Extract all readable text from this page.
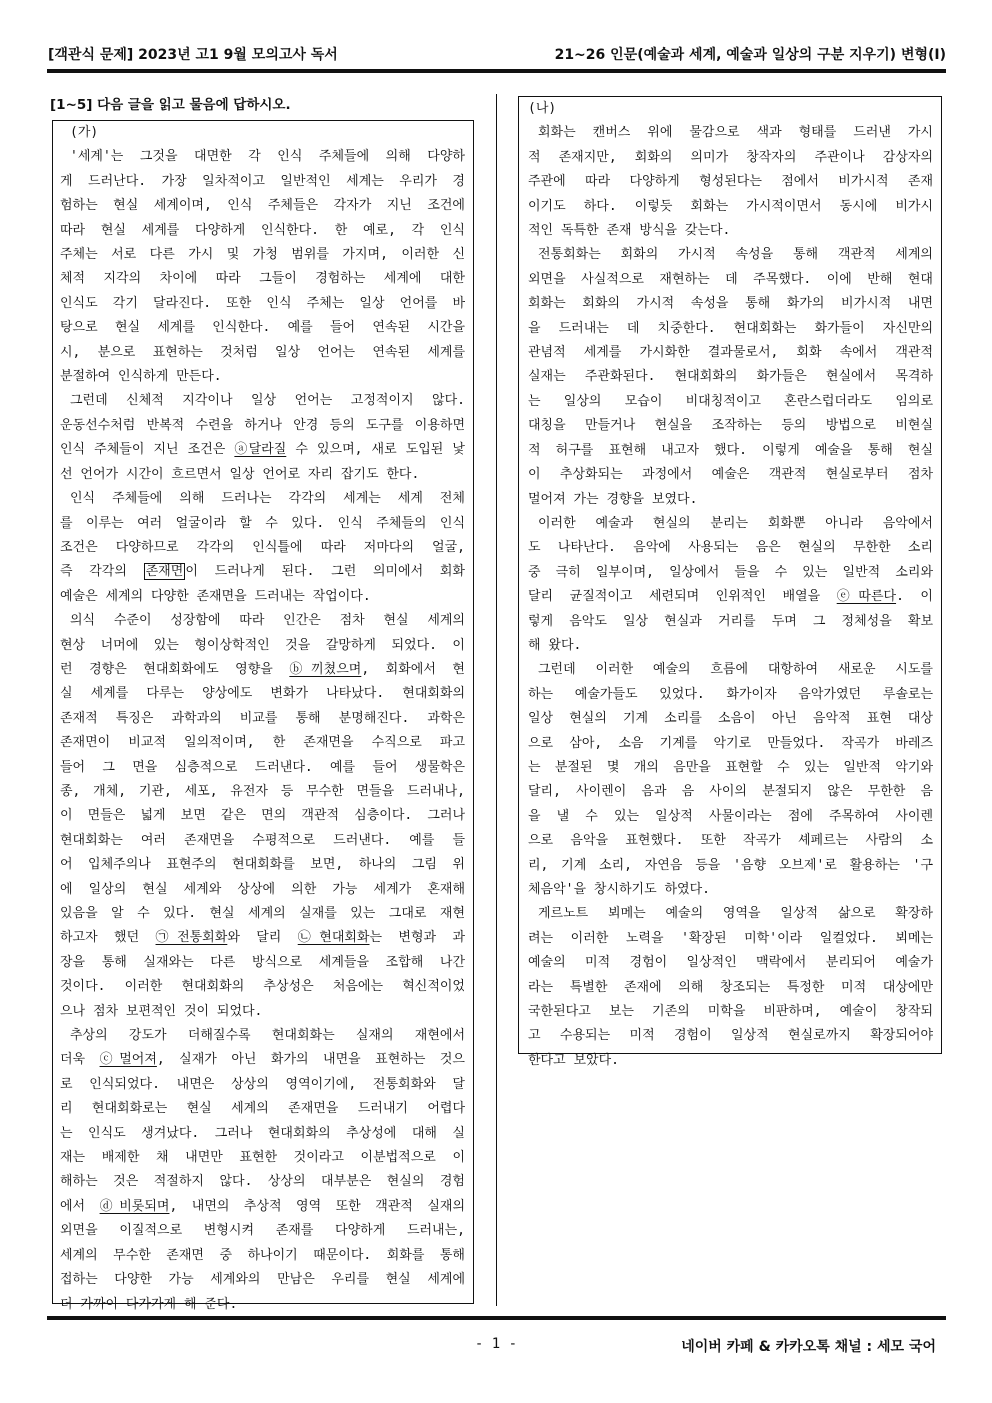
[객관식 문제] 2023년 고1 9월 모의고사 독서	21~26 인문(예술과 세계, 예술과 일상의 구분 지우기) 변형(I)
[1~5] 다음 글을 읽고 물음에 답하시오.
(가)
'세계'는 그것을 대면한 각 인식 주체들에 의해 다양하
게 드러난다. 가장 일차적이고 일반적인 세계는 우리가 경
험하는 현실 세계이며, 인식 주체들은 각자가 지닌 조건에
따라 현실 세계를 다양하게 인식한다. 한 예로, 각 인식
주체는 서로 다른 가시 및 가청 범위를 가지며, 이러한 신
체적 지각의 차이에 따라 그들이 경험하는 세계에 대한
인식도 각기 달라진다. 또한 인식 주체는 일상 언어를 바
탕으로 현실 세계를 인식한다. 예를 들어 연속된 시간을
시, 분으로 표현하는 것처럼 일상 언어는 연속된 세계를
분절하여 인식하게 만든다.
그런데 신체적 지각이나 일상 언어는 고정적이지 않다.
운동선수처럼 반복적 수련을 하거나 안경 등의 도구를 이용하면
인식 주체들이 지닌 조건은 ⓐ달라질 수 있으며, 새로 도입된 낯
선 언어가 시간이 흐르면서 일상 언어로 자리 잡기도 한다.
인식 주체들에 의해 드러나는 각각의 세계는 세계 전체
를 이루는 여러 얼굴이라 할 수 있다. 인식 주체들의 인식
조건은 다양하므로 각각의 인식틀에 따라 저마다의 얼굴,
즉 각각의 존재면 이 드러나게 된다. 그런 의미에서 회화
예술은 세계의 다양한 존재면을 드러내는 작업이다.
의식 수준이 성장함에 따라 인간은 점차 현실 세계의
현상 너머에 있는 형이상학적인 것을 갈망하게 되었다. 이
런 경향은 현대회화에도 영향을 ⓑ끼쳤으며, 회화에서 현
실 세계를 다루는 양상에도 변화가 나타났다. 현대회화의
존재적 특징은 과학과의 비교를 통해 분명해진다. 과학은
존재면이 비교적 일의적이며, 한 존재면을 수직으로 파고
들어 그 면을 심층적으로 드러낸다. 예를 들어 생물학은
종, 개체, 기관, 세포, 유전자 등 무수한 면들을 드러내나,
이 면들은 넓게 보면 같은 면의 객관적 심층이다. 그러나
현대회화는 여러 존재면을 수평적으로 드러낸다. 예를 들
어 입체주의나 표현주의 현대회화를 보면, 하나의 그림 위
에 일상의 현실 세계와 상상에 의한 가능 세계가 혼재해
있음을 알 수 있다. 현실 세계의 실재를 있는 그대로 재현
하고자 했던 ㉠전통회화와 달리 ㉡현대회화는 변형과 과
장을 통해 실재와는 다른 방식으로 세계들을 조합해 나간
것이다. 이러한 현대회화의 추상성은 처음에는 혁신적이었
으나 점차 보편적인 것이 되었다.
추상의 강도가 더해질수록 현대회화는 실재의 재현에서
더욱 ⓒ멀어져, 실재가 아닌 화가의 내면을 표현하는 것으
로 인식되었다. 내면은 상상의 영역이기에, 전통회화와 달
리 현대회화로는 현실 세계의 존재면을 드러내기 어렵다
는 인식도 생겨났다. 그러나 현대회화의 추상성에 대해 실
재는 배제한 채 내면만 표현한 것이라고 이분법적으로 이
해하는 것은 적절하지 않다. 상상의 대부분은 현실의 경험
에서 ⓓ비롯되며, 내면의 추상적 영역 또한 객관적 실재의
외면을 이질적으로 변형시켜 존재를 다양하게 드러내는,
세계의 무수한 존재면 중 하나이기 때문이다. 회화를 통해
접하는 다양한 가능 세계와의 만남은 우리를 현실 세계에
더 가까이 다가가게 해 준다.
(나)
회화는 캔버스 위에 물감으로 색과 형태를 드러낸 가시
적 존재지만, 회화의 의미가 창작자의 주관이나 감상자의
주관에 따라 다양하게 형성된다는 점에서 비가시적 존재
이기도 하다. 이렇듯 회화는 가시적이면서 동시에 비가시
적인 독특한 존재 방식을 갖는다.
전통회화는 회화의 가시적 속성을 통해 객관적 세계의
외면을 사실적으로 재현하는 데 주목했다. 이에 반해 현대
회화는 회화의 가시적 속성을 통해 화가의 비가시적 내면
을 드러내는 데 치중한다. 현대회화는 화가들이 자신만의
관념적 세계를 가시화한 결과물로서, 회화 속에서 객관적
실재는 주관화된다. 현대회화의 화가들은 현실에서 목격하
는 일상의 모습이 비대칭적이고 혼란스럽더라도 임의로
대칭을 만들거나 현실을 조작하는 등의 방법으로 비현실
적 허구를 표현해 내고자 했다. 이렇게 예술을 통해 현실
이 추상화되는 과정에서 예술은 객관적 현실로부터 점차
멀어져 가는 경향을 보였다.
이러한 예술과 현실의 분리는 회화뿐 아니라 음악에서
도 나타난다. 음악에 사용되는 음은 현실의 무한한 소리
중 극히 일부이며, 일상에서 들을 수 있는 일반적 소리와
달리 균질적이고 세련되며 인위적인 배열을 ⓔ따른다. 이
렇게 음악도 일상 현실과 거리를 두며 그 정체성을 확보
해 왔다.
그런데 이러한 예술의 흐름에 대항하여 새로운 시도를
하는 예술가들도 있었다. 화가이자 음악가였던 루솔로는
일상 현실의 기계 소리를 소음이 아닌 음악적 표현 대상
으로 삼아, 소음 기계를 악기로 만들었다. 작곡가 바레즈
는 분절된 몇 개의 음만을 표현할 수 있는 일반적 악기와
달리, 사이렌이 음과 음 사이의 분절되지 않은 무한한 음
을 낼 수 있는 일상적 사물이라는 점에 주목하여 사이렌
으로 음악을 표현했다. 또한 작곡가 셰페르는 사람의 소
리, 기계 소리, 자연음 등을 '음향 오브제'로 활용하는 '구
체음악'을 창시하기도 하였다.
게르노트 뵈메는 예술의 영역을 일상적 삶으로 확장하
려는 이러한 노력을 '확장된 미학'이라 일컬었다. 뵈메는
예술의 미적 경험이 일상적인 맥락에서 분리되어 예술가
라는 특별한 존재에 의해 창조되는 특정한 미적 대상에만
국한된다고 보는 기존의 미학을 비판하며, 예술이 창작되
고 수용되는 미적 경험이 일상적 현실로까지 확장되어야
한다고 보았다.
- 1 -	네이버 카페 & 카카오톡 채널 : 세모 국어
